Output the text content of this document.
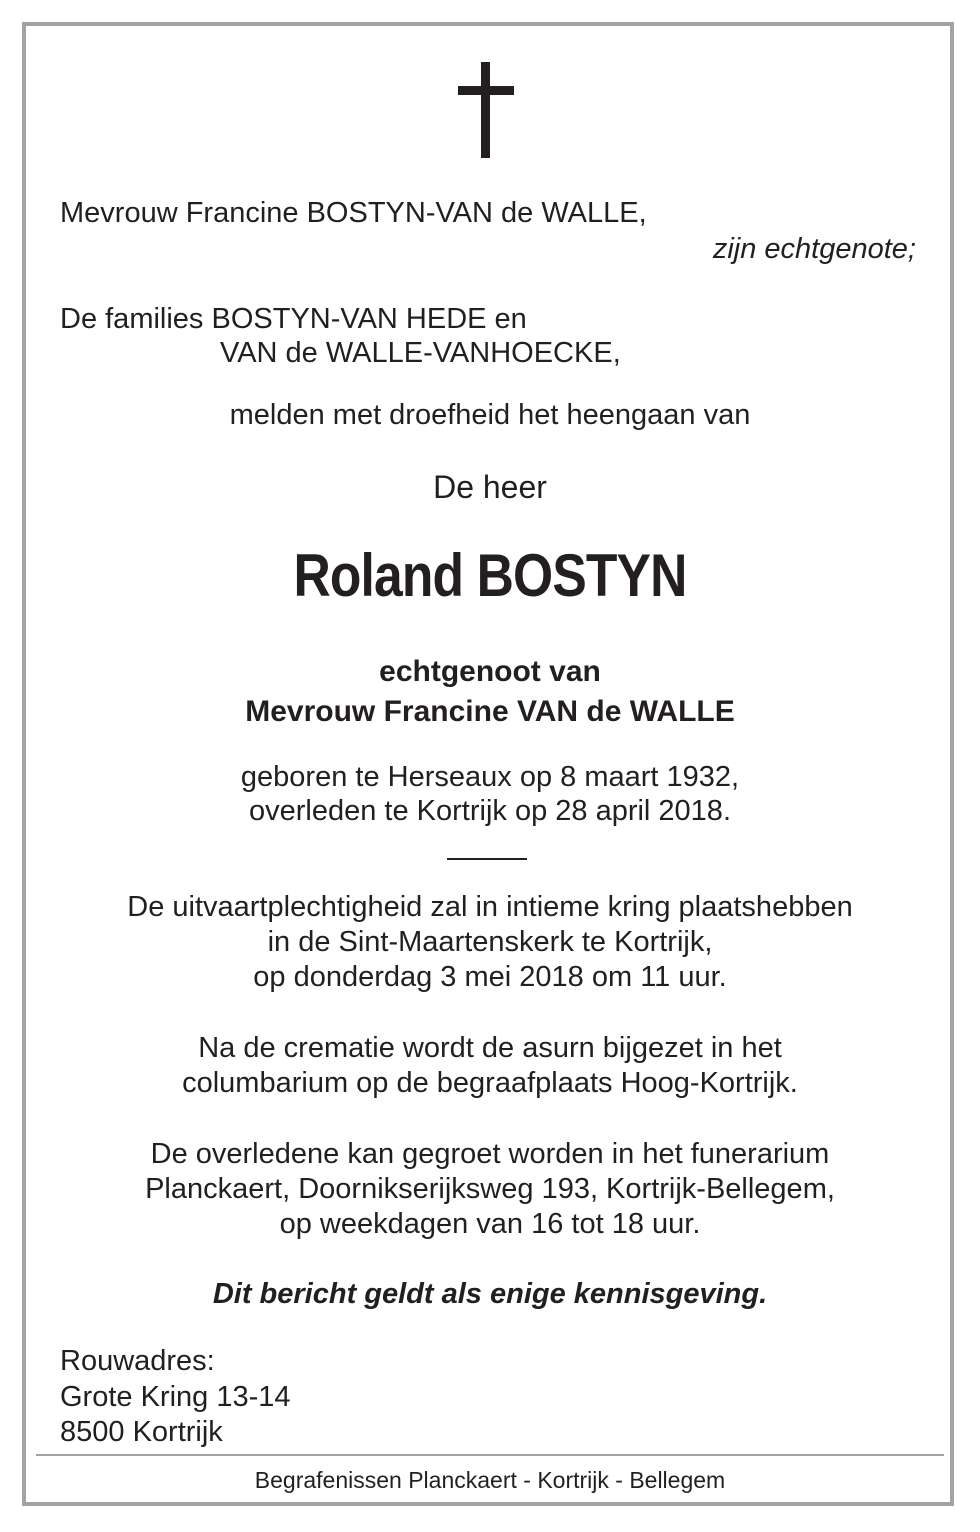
Mevrouw Francine BOSTYN-VAN de WALLE,
zijn echtgenote;
De families BOSTYN-VAN HEDE en
VAN de WALLE-VANHOECKE,
melden met droefheid het heengaan van
De heer
Roland BOSTYN
echtgenoot van
Mevrouw Francine VAN de WALLE
geboren te Herseaux op 8 maart 1932,
overleden te Kortrijk op 28 april 2018.
De uitvaartplechtigheid zal in intieme kring plaatshebben
in de Sint-Maartenskerk te Kortrijk,
op donderdag 3 mei 2018 om 11 uur.
Na de crematie wordt de asurn bijgezet in het
columbarium op de begraafplaats Hoog-Kortrijk.
De overledene kan gegroet worden in het funerarium
Planckaert, Doornikserijksweg 193, Kortrijk-Bellegem,
op weekdagen van 16 tot 18 uur.
Dit bericht geldt als enige kennisgeving.
Rouwadres:
Grote Kring 13-14
8500 Kortrijk
Begrafenissen Planckaert - Kortrijk - Bellegem
